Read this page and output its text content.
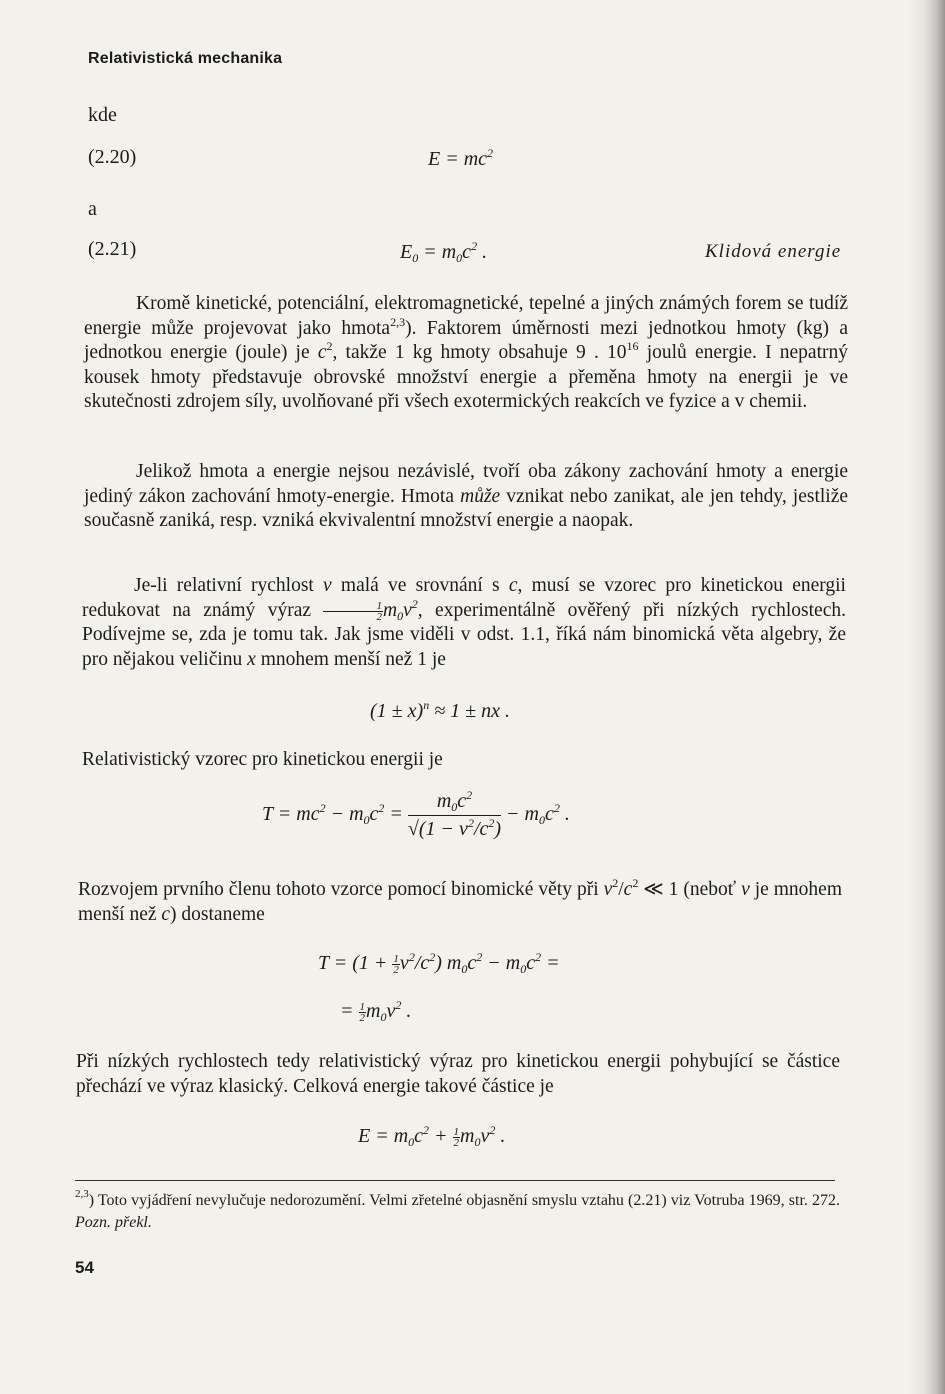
Relativistická mechanika
kde
(2.20)	$E = mc^2$
a
(2.21)	$E_0 = m_0c^2$ .	Klidová energie

Kromě kinetické, potenciální, elektromagnetické, tepelné a jiných známých forem se tudíž energie může projevovat jako hmota$^{2,3}$). Faktorem úměrnosti mezi jednotkou hmoty (kg) a jednotkou energie (joule) je $c^2$, takže 1 kg hmoty obsahuje 9 . $10^{16}$ joulů energie. I nepatrný kousek hmoty představuje obrovské množství energie a přeměna hmoty na energii je ve skutečnosti zdrojem síly, uvolňované při všech exotermických reakcích ve fyzice a v chemii.

Jelikož hmota a energie nejsou nezávislé, tvoří oba zákony zachování hmoty a energie jediný zákon zachování hmoty-energie. Hmota může vznikat nebo zanikat, ale jen tehdy, jestliže současně zaniká, resp. vzniká ekvivalentní množství energie a naopak.

Je-li relativní rychlost v malá ve srovnání s c, musí se vzorec pro kinetickou energii redukovat na známý výraz $\frac{1}{2} m_0v^2$, experimentálně ověřený při nízkých rychlostech. Podívejme se, zda je tomu tak. Jak jsme viděli v odst. 1.1, říká nám binomická věta algebry, že pro nějakou veličinu x mnohem menší než 1 je

$(1 \pm x)^n \approx 1$ ± nx .

Relativistický vzorec pro kinetickou energii je

$T = mc^2 - m_0c^2 = \frac{m_0c^2}{√(1 - v^2/c^2)} - m_0c^2$ .

Rozvojem prvního členu tohoto vzorce pomocí binomické věty při $v^2/c^2$ ≪ 1 (neboť v je mnohem menší než c) dostaneme

$T = (1 + \frac{1}{2} v^2/c^2)$ $m_0c^2 - m_0c^2$ =
= $\frac{1}{2} m_0v^2$ .

Při nízkých rychlostech tedy relativistický výraz pro kinetickou energii pohybující se částice přechází ve výraz klasický. Celková energie takové částice je

$E = m_0c^2 + \frac{1}{2} m_0v^2$ .
$^{2,3}$) Toto vyjádření nevylučuje nedorozumění. Velmi zřetelné objasnění smyslu vztahu (2.21) viz Votruba 1969, str. 272. Pozn. překl.
54
